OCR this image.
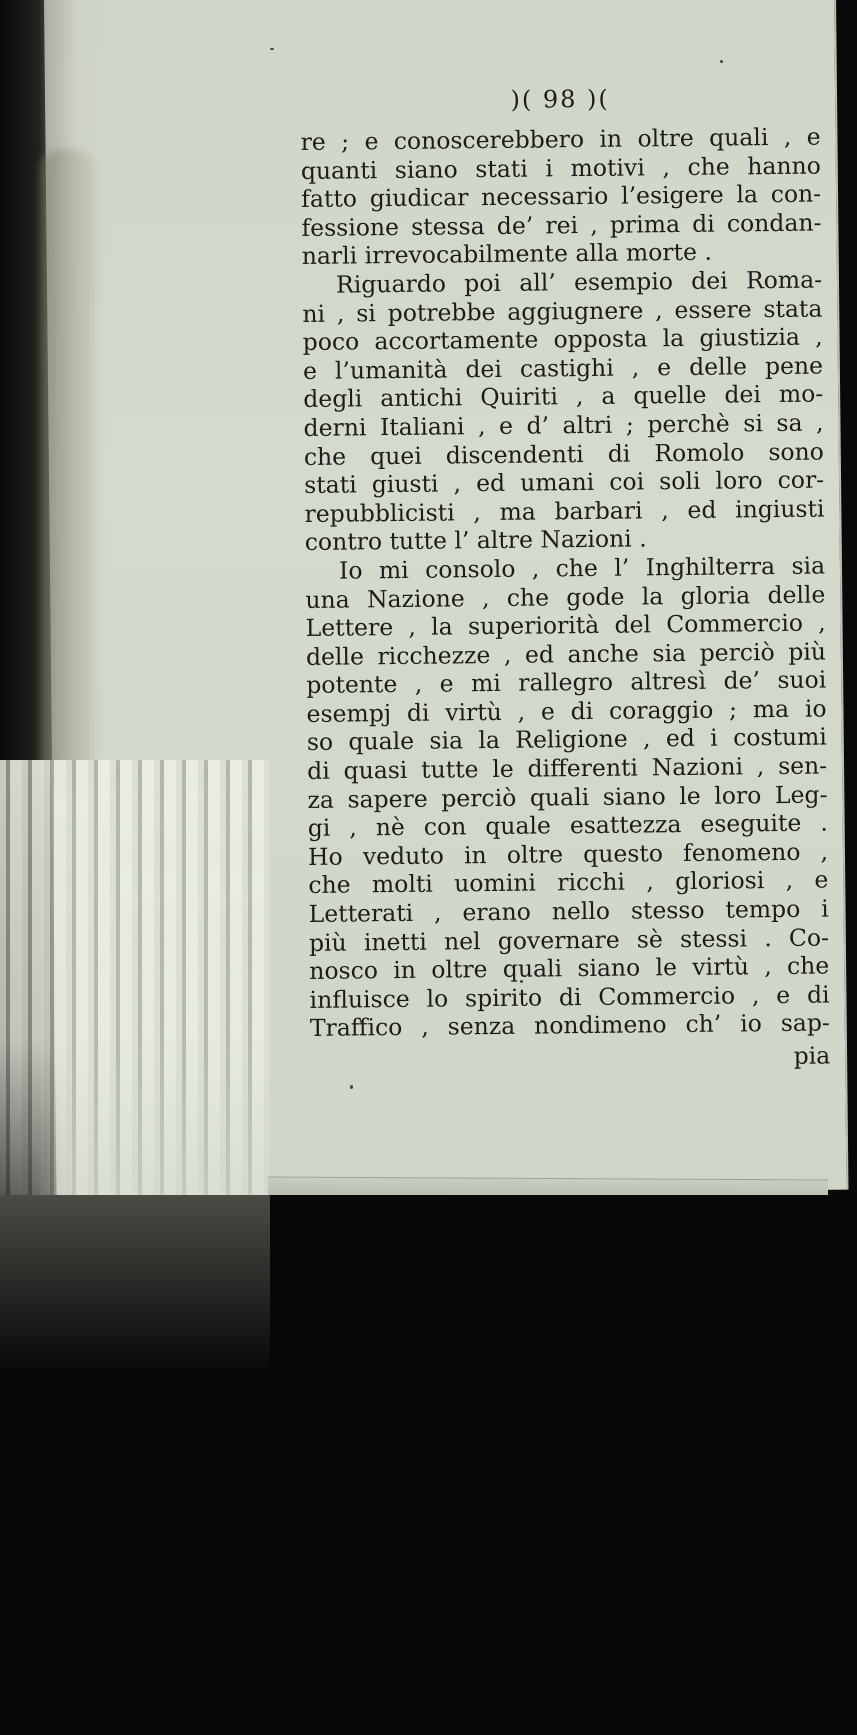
)( 98 )(
re ; e conoscerebbero in oltre quali , e
quanti siano stati i motivi , che hanno
fatto giudicar necessario l’esigere la con-
fessione stessa de’ rei , prima di condan-
narli irrevocabilmente alla morte .
Riguardo poi all’ esempio dei Roma-
ni , si potrebbe aggiugnere , essere stata
poco accortamente opposta la giustizia ,
e l’umanità dei castighi , e delle pene
degli antichi Quiriti , a quelle dei mo-
derni Italiani , e d’ altri ; perchè si sa ,
che quei discendenti di Romolo sono
stati giusti , ed umani coi soli loro cor-
repubblicisti , ma barbari , ed ingiusti
contro tutte l’ altre Nazioni .
Io mi consolo , che l’ Inghilterra sia
una Nazione , che gode la gloria delle
Lettere , la superiorità del Commercio ,
delle ricchezze , ed anche sia perciò più
potente , e mi rallegro altresì de’ suoi
esempj di virtù , e di coraggio ; ma io
so quale sia la Religione , ed i costumi
di quasi tutte le differenti Nazioni , sen-
za sapere perciò quali siano le loro Leg-
gi , nè con quale esattezza eseguite .
Ho veduto in oltre questo fenomeno ,
che molti uomini ricchi , gloriosi , e
Letterati , erano nello stesso tempo i
più inetti nel governare sè stessi . Co-
nosco in oltre quali siano le virtù , che
influisce lo spirito di Commercio , e di
Traffico , senza nondimeno ch’ io sap-
pia
